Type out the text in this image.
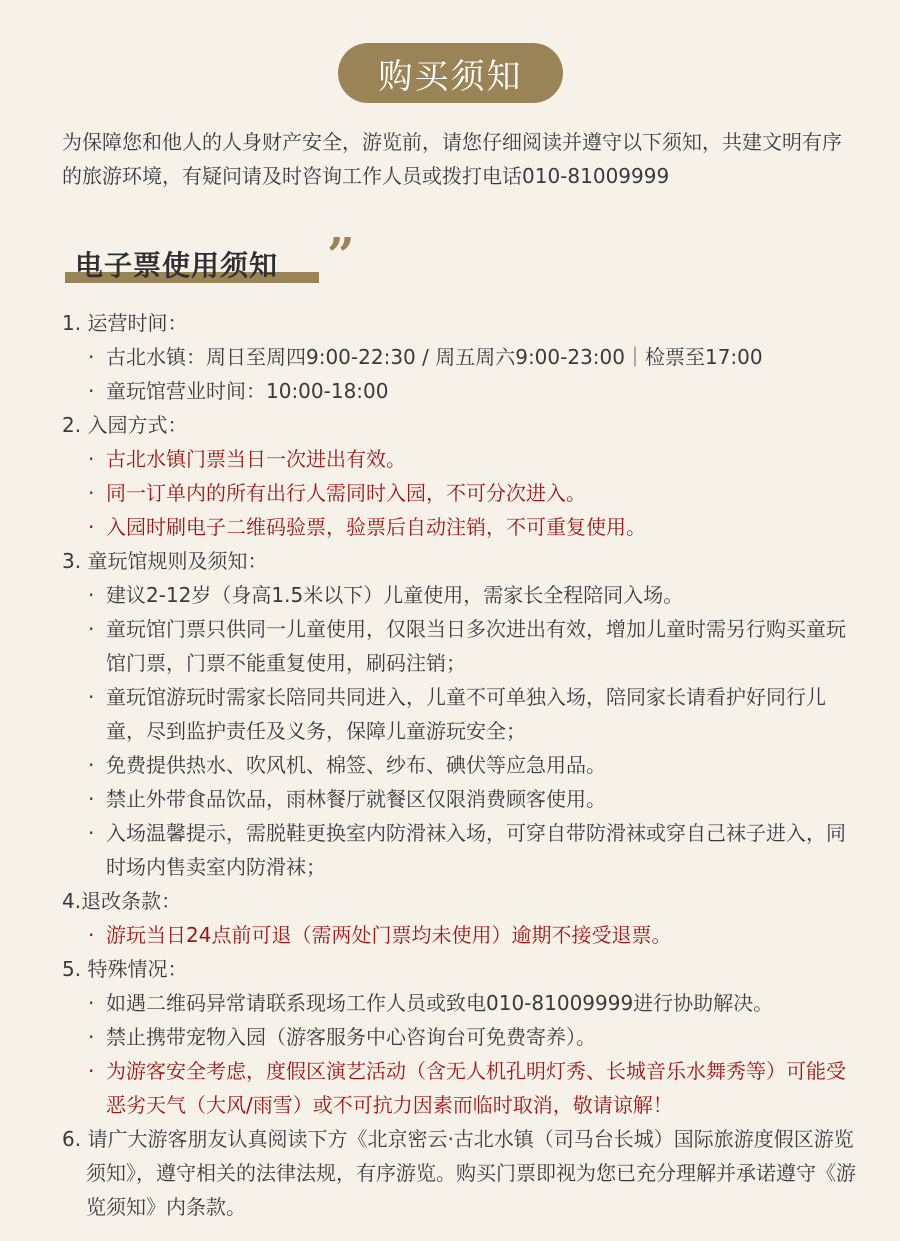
购买须知
为保障您和他人的人身财产安全，游览前，请您仔细阅读并遵守以下须知，共建文明有序的旅游环境，有疑问请及时咨询工作人员或拨打电话010-81009999
电子票使用须知 ”
1. 运营时间：
· 古北水镇：周日至周四9:00-22:30 / 周五周六9:00-23:00｜检票至17:00
· 童玩馆营业时间：10:00-18:00
2. 入园方式：
· 古北水镇门票当日一次进出有效。
· 同一订单内的所有出行人需同时入园，不可分次进入。
· 入园时刷电子二维码验票，验票后自动注销，不可重复使用。
3. 童玩馆规则及须知：
· 建议2-12岁（身高1.5米以下）儿童使用，需家长全程陪同入场。
· 童玩馆门票只供同一儿童使用，仅限当日多次进出有效，增加儿童时需另行购买童玩馆门票，门票不能重复使用，刷码注销；
· 童玩馆游玩时需家长陪同共同进入，儿童不可单独入场，陪同家长请看护好同行儿童，尽到监护责任及义务，保障儿童游玩安全；
· 免费提供热水、吹风机、棉签、纱布、碘伏等应急用品。
· 禁止外带食品饮品，雨林餐厅就餐区仅限消费顾客使用。
· 入场温馨提示，需脱鞋更换室内防滑袜入场，可穿自带防滑袜或穿自己袜子进入，同时场内售卖室内防滑袜；
4.退改条款：
· 游玩当日24点前可退（需两处门票均未使用）逾期不接受退票。
5. 特殊情况：
· 如遇二维码异常请联系现场工作人员或致电010-81009999进行协助解决。
· 禁止携带宠物入园（游客服务中心咨询台可免费寄养）。
· 为游客安全考虑，度假区演艺活动（含无人机孔明灯秀、长城音乐水舞秀等）可能受恶劣天气（大风/雨雪）或不可抗力因素而临时取消，敬请谅解！
6. 请广大游客朋友认真阅读下方《北京密云·古北水镇（司马台长城）国际旅游度假区游览须知》，遵守相关的法律法规，有序游览。购买门票即视为您已充分理解并承诺遵守《游览须知》内条款。
